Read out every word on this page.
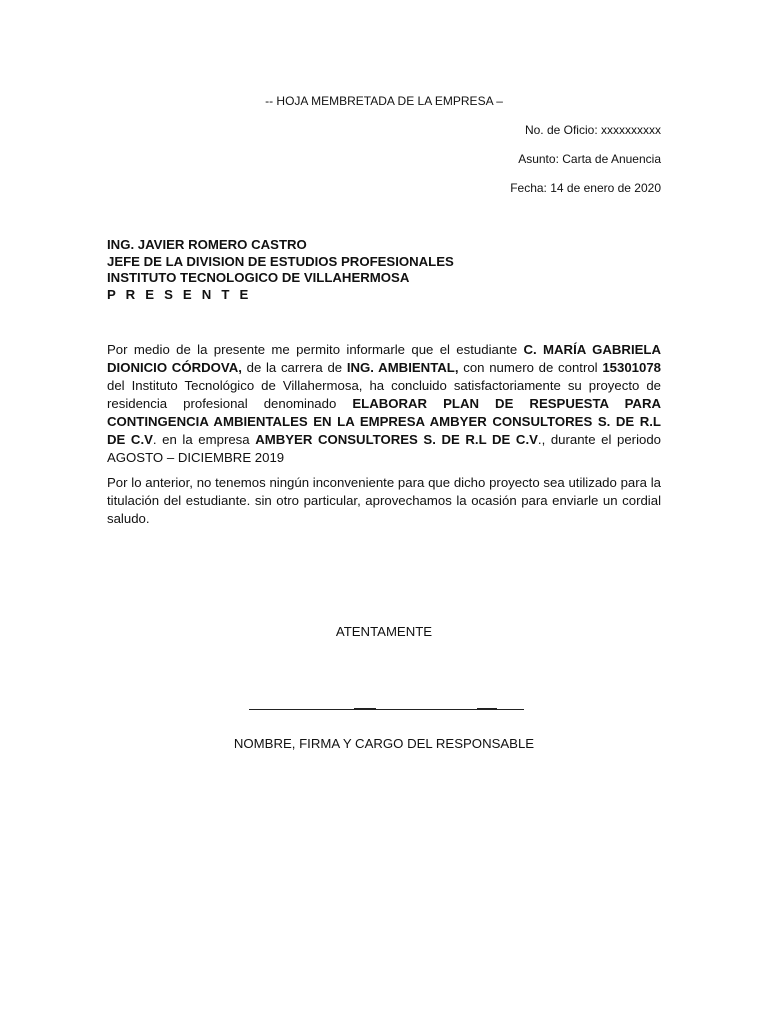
-- HOJA MEMBRETADA DE LA EMPRESA –
No. de Oficio: xxxxxxxxxx
Asunto: Carta de Anuencia
Fecha: 14 de enero de 2020
ING. JAVIER ROMERO CASTRO
JEFE DE LA DIVISION DE ESTUDIOS PROFESIONALES
INSTITUTO TECNOLOGICO DE VILLAHERMOSA
P R E S E N T E
Por medio de la presente me permito informarle que el estudiante C. MARÍA GABRIELA DIONICIO CÓRDOVA, de la carrera de ING. AMBIENTAL, con numero de control 15301078 del Instituto Tecnológico de Villahermosa, ha concluido satisfactoriamente su proyecto de residencia profesional denominado ELABORAR PLAN DE RESPUESTA PARA CONTINGENCIA AMBIENTALES EN LA EMPRESA AMBYER CONSULTORES S. DE R.L DE C.V. en la empresa AMBYER CONSULTORES S. DE R.L DE C.V., durante el periodo AGOSTO – DICIEMBRE 2019
Por lo anterior, no tenemos ningún inconveniente para que dicho proyecto sea utilizado para la titulación del estudiante. sin otro particular, aprovechamos la ocasión para enviarle un cordial saludo.
ATENTAMENTE
NOMBRE, FIRMA Y CARGO DEL RESPONSABLE
